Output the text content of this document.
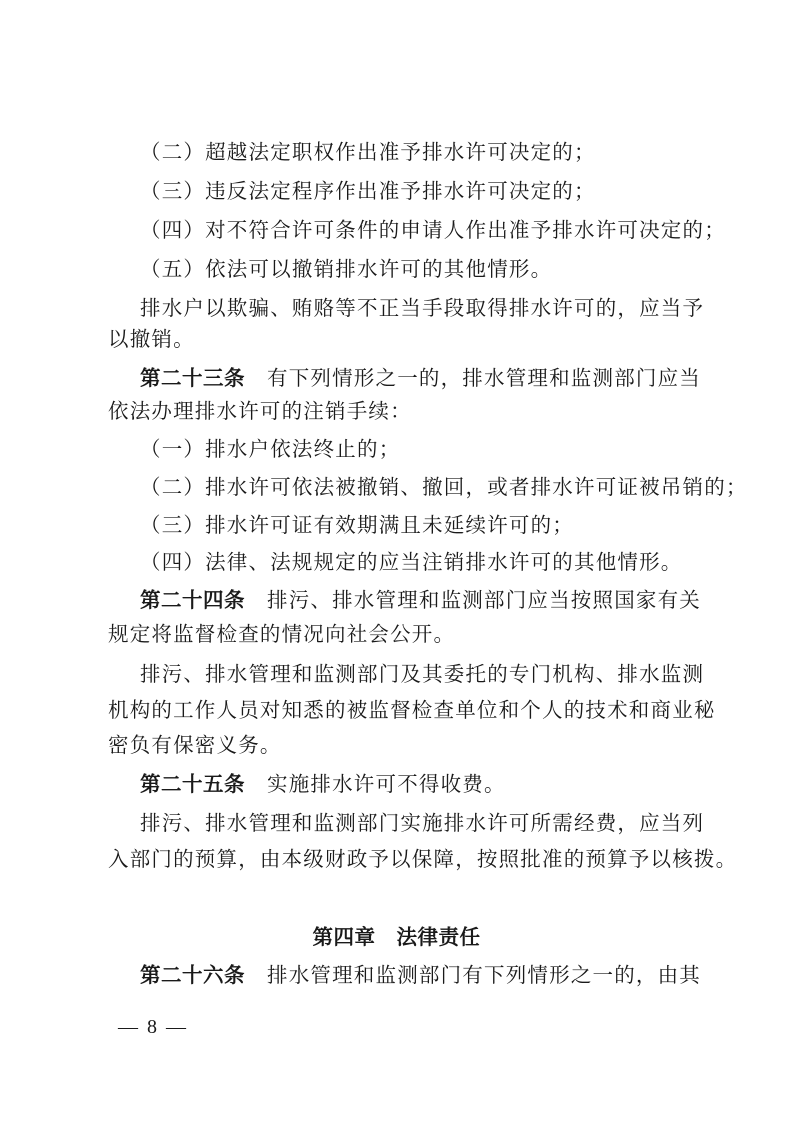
（二）超越法定职权作出准予排水许可决定的；
（三）违反法定程序作出准予排水许可决定的；
（四）对不符合许可条件的申请人作出准予排水许可决定的；
（五）依法可以撤销排水许可的其他情形。
排水户以欺骗、贿赂等不正当手段取得排水许可的，应当予
以撤销。
第二十三条 有下列情形之一的，排水管理和监测部门应当
依法办理排水许可的注销手续：
（一）排水户依法终止的；
（二）排水许可依法被撤销、撤回，或者排水许可证被吊销的；
（三）排水许可证有效期满且未延续许可的；
（四）法律、法规规定的应当注销排水许可的其他情形。
第二十四条 排污、排水管理和监测部门应当按照国家有关
规定将监督检查的情况向社会公开。
排污、排水管理和监测部门及其委托的专门机构、排水监测
机构的工作人员对知悉的被监督检查单位和个人的技术和商业秘
密负有保密义务。
第二十五条 实施排水许可不得收费。
排污、排水管理和监测部门实施排水许可所需经费，应当列
入部门的预算，由本级财政予以保障，按照批准的预算予以核拨。
第四章　法律责任
第二十六条 排水管理和监测部门有下列情形之一的，由其
— 8 —
